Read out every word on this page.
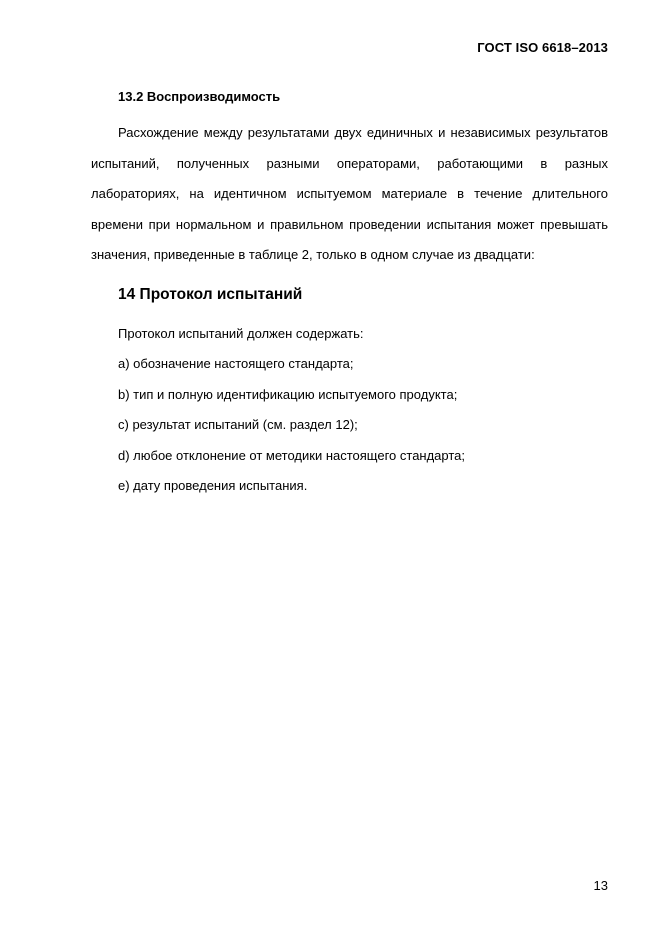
ГОСТ ISO 6618–2013

13.2 Воспроизводимость

Расхождение между результатами двух единичных и независимых результатов испытаний, полученных разными операторами, работающими в разных лабораториях, на идентичном испытуемом материале в течение длительного времени при нормальном и правильном проведении испытания может превышать значения, приведенные в таблице 2, только в одном случае из двадцати:

14 Протокол испытаний
Протокол испытаний должен содержать:
a) обозначение настоящего стандарта;
b) тип и полную идентификацию испытуемого продукта;
c) результат испытаний (см. раздел 12);
d) любое отклонение от методики настоящего стандарта;
e) дату проведения испытания.
13
